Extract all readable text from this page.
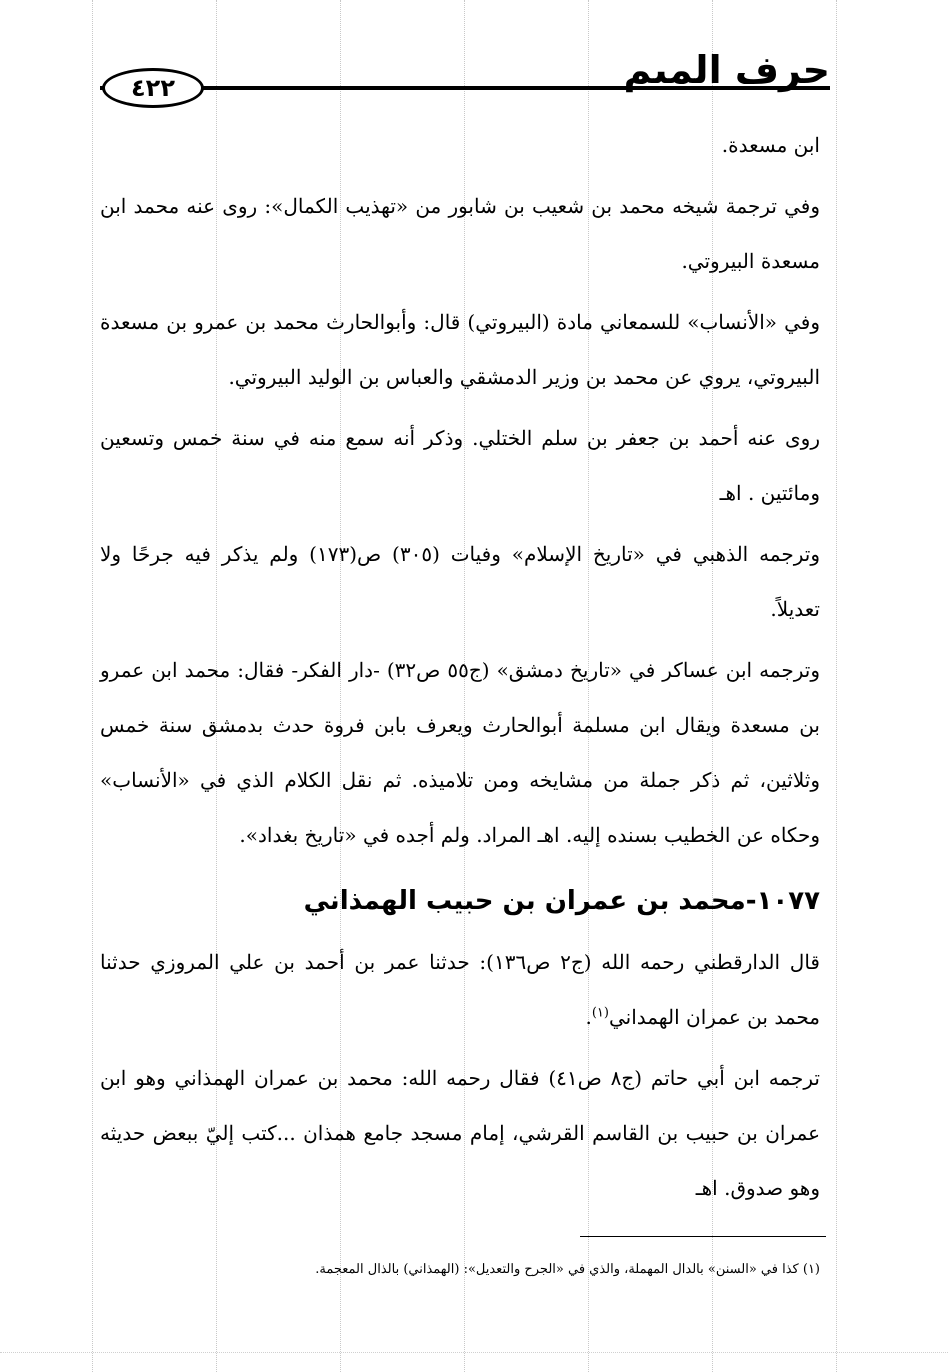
حرف الميم
٤٢٢

ابن مسعدة.

وفي ترجمة شيخه محمد بن شعيب بن شابور من «تهذيب الكمال»: روى عنه محمد ابن مسعدة البيروتي.

وفي «الأنساب» للسمعاني مادة (البيروتي) قال: وأبوالحارث محمد بن عمرو بن مسعدة البيروتي، يروي عن محمد بن وزير الدمشقي والعباس بن الوليد البيروتي.

روى عنه أحمد بن جعفر بن سلم الختلي. وذكر أنه سمع منه في سنة خمس وتسعين ومائتين . اهـ

وترجمه الذهبي في «تاريخ الإسلام» وفيات (٣٠٥) ص(١٧٣) ولم يذكر فيه جرحًا ولا تعديلاً.

وترجمه ابن عساكر في «تاريخ دمشق» (ج٥٥ ص٣٢) -دار الفكر- فقال: محمد ابن عمرو بن مسعدة ويقال ابن مسلمة أبوالحارث ويعرف بابن فروة حدث بدمشق سنة خمس وثلاثين، ثم ذكر جملة من مشايخه ومن تلاميذه. ثم نقل الكلام الذي في «الأنساب» وحكاه عن الخطيب بسنده إليه. اهـ المراد. ولم أجده في «تاريخ بغداد».

١٠٧٧-محمد بن عمران بن حبيب الهمذاني

قال الدارقطني رحمه الله (ج٢ ص١٣٦): حدثنا عمر بن أحمد بن علي المروزي حدثنا محمد بن عمران الهمداني$^{(١)}$.

ترجمه ابن أبي حاتم (ج٨ ص٤١) فقال رحمه الله: محمد بن عمران الهمذاني وهو ابن عمران بن حبيب بن القاسم القرشي، إمام مسجد جامع همذان ...كتب إليّ ببعض حديثه وهو صدوق. اهـ

(١) كذا في «السنن» بالدال المهملة، والذي في «الجرح والتعديل»: (الهمذاني) بالذال المعجمة.
